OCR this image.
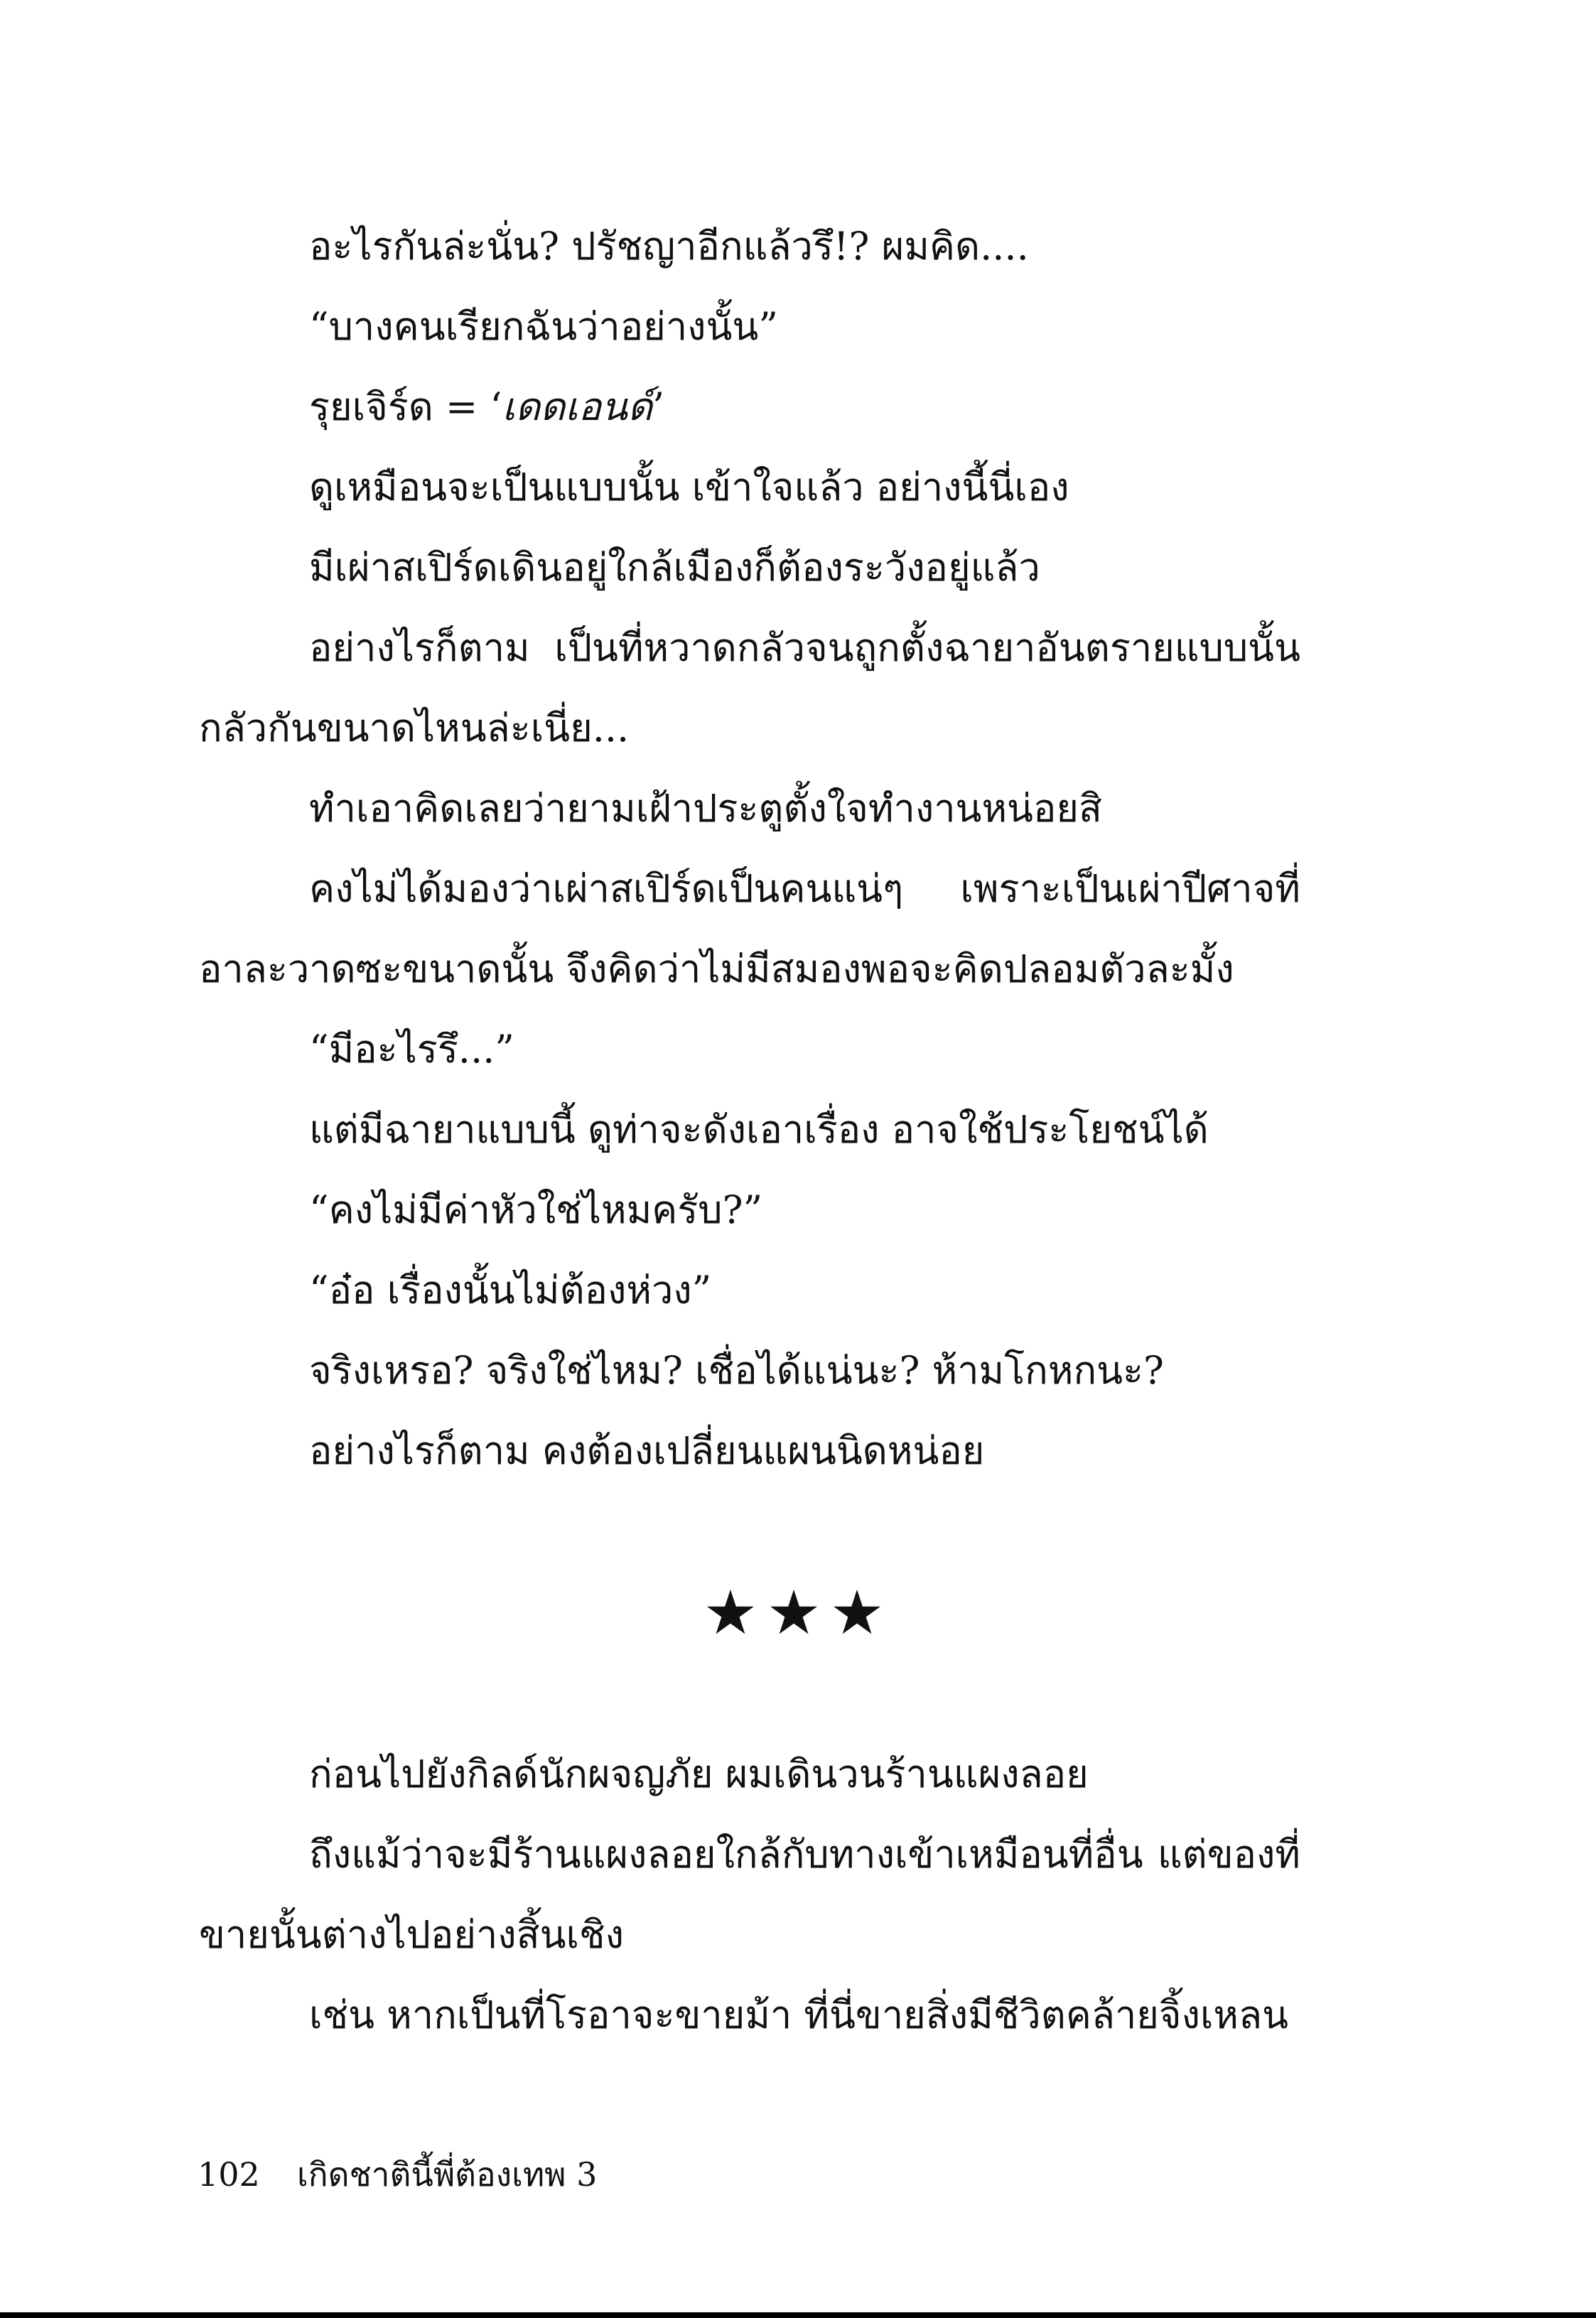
อะไรกันล่ะนั่น? ปรัชญาอีกแล้วรึ!? ผมคิด....

“บางคนเรียกฉันว่าอย่างนั้น”

รุยเจิร์ด = ‘เดดเอนด์’

ดูเหมือนจะเป็นแบบนั้น เข้าใจแล้ว อย่างนี้นี่เอง

มีเผ่าสเปิร์ดเดินอยู่ใกล้เมืองก็ต้องระวังอยู่แล้ว

อย่างไรก็ตาม เป็นที่หวาดกลัวจนถูกตั้งฉายาอันตรายแบบนั้น กลัวกันขนาดไหนล่ะเนี่ย...

ทำเอาคิดเลยว่ายามเฝ้าประตูตั้งใจทำงานหน่อยสิ

คงไม่ได้มองว่าเผ่าสเปิร์ดเป็นคนแน่ๆ เพราะเป็นเผ่าปีศาจที่อาละวาดซะขนาดนั้น จึงคิดว่าไม่มีสมองพอจะคิดปลอมตัวละมั้ง

“มีอะไรรึ...”

แต่มีฉายาแบบนี้ ดูท่าจะดังเอาเรื่อง อาจใช้ประโยชน์ได้

“คงไม่มีค่าหัวใช่ไหมครับ?”

“อ๋อ เรื่องนั้นไม่ต้องห่วง”

จริงเหรอ? จริงใช่ไหม? เชื่อได้แน่นะ? ห้ามโกหกนะ?

อย่างไรก็ตาม คงต้องเปลี่ยนแผนนิดหน่อย

★★★

ก่อนไปยังกิลด์นักผจญภัย ผมเดินวนร้านแผงลอย

ถึงแม้ว่าจะมีร้านแผงลอยใกล้กับทางเข้าเหมือนที่อื่น แต่ของที่ขายนั้นต่างไปอย่างสิ้นเชิง

เช่น หากเป็นที่โรอาจะขายม้า ที่นี่ขายสิ่งมีชีวิตคล้ายจิ้งเหลน

102 เกิดชาตินี้พี่ต้องเทพ 3
